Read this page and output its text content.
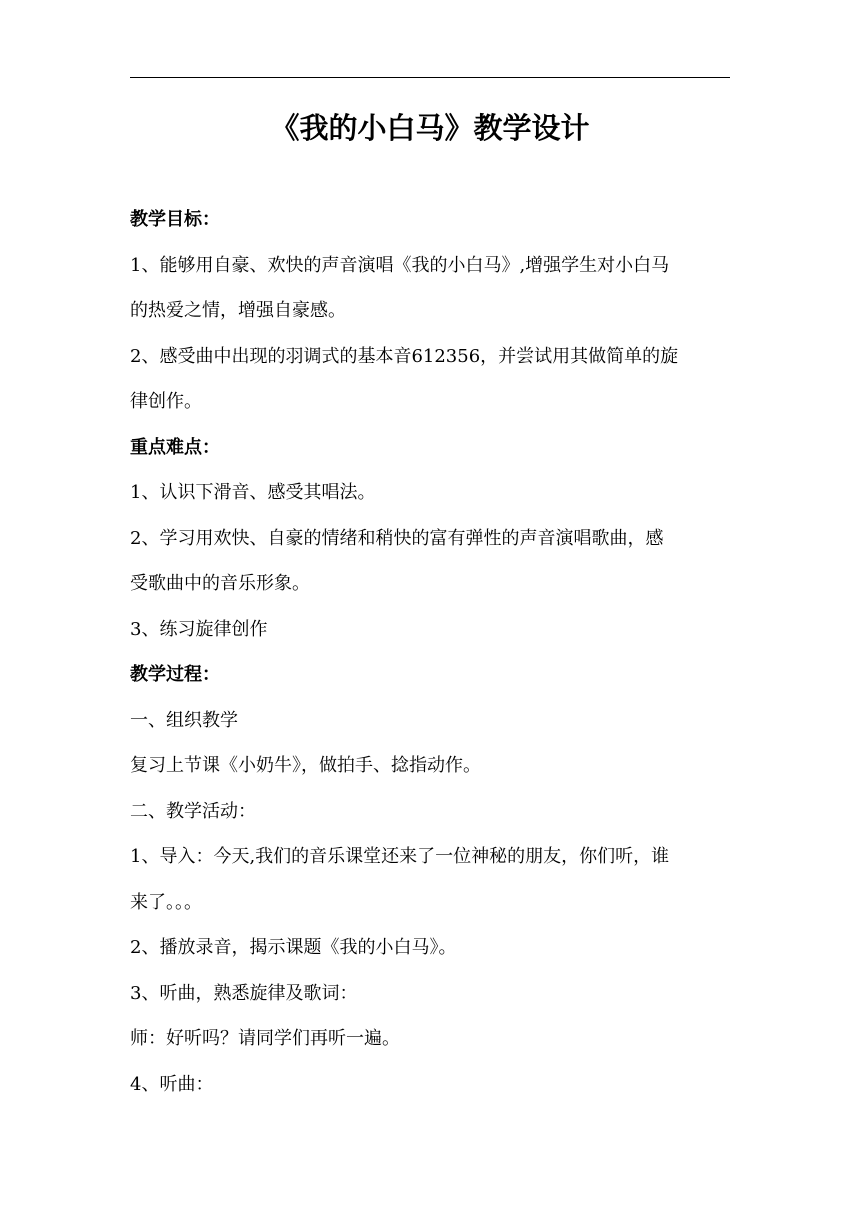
《我的小白马》教学设计

教学目标：

1、能够用自豪、欢快的声音演唱《我的小白马》,增强学生对小白马

的热爱之情，增强自豪感。

2、感受曲中出现的羽调式的基本音612356，并尝试用其做简单的旋

律创作。

重点难点：

1、认识下滑音、感受其唱法。

2、学习用欢快、自豪的情绪和稍快的富有弹性的声音演唱歌曲，感

受歌曲中的音乐形象。

3、练习旋律创作

教学过程：

一、组织教学

复习上节课《小奶牛》，做拍手、捻指动作。

二、教学活动：

1、导入：今天,我们的音乐课堂还来了一位神秘的朋友，你们听，谁

来了。。。

2、播放录音，揭示课题《我的小白马》。

3、听曲，熟悉旋律及歌词：

师：好听吗？请同学们再听一遍。

4、听曲：
